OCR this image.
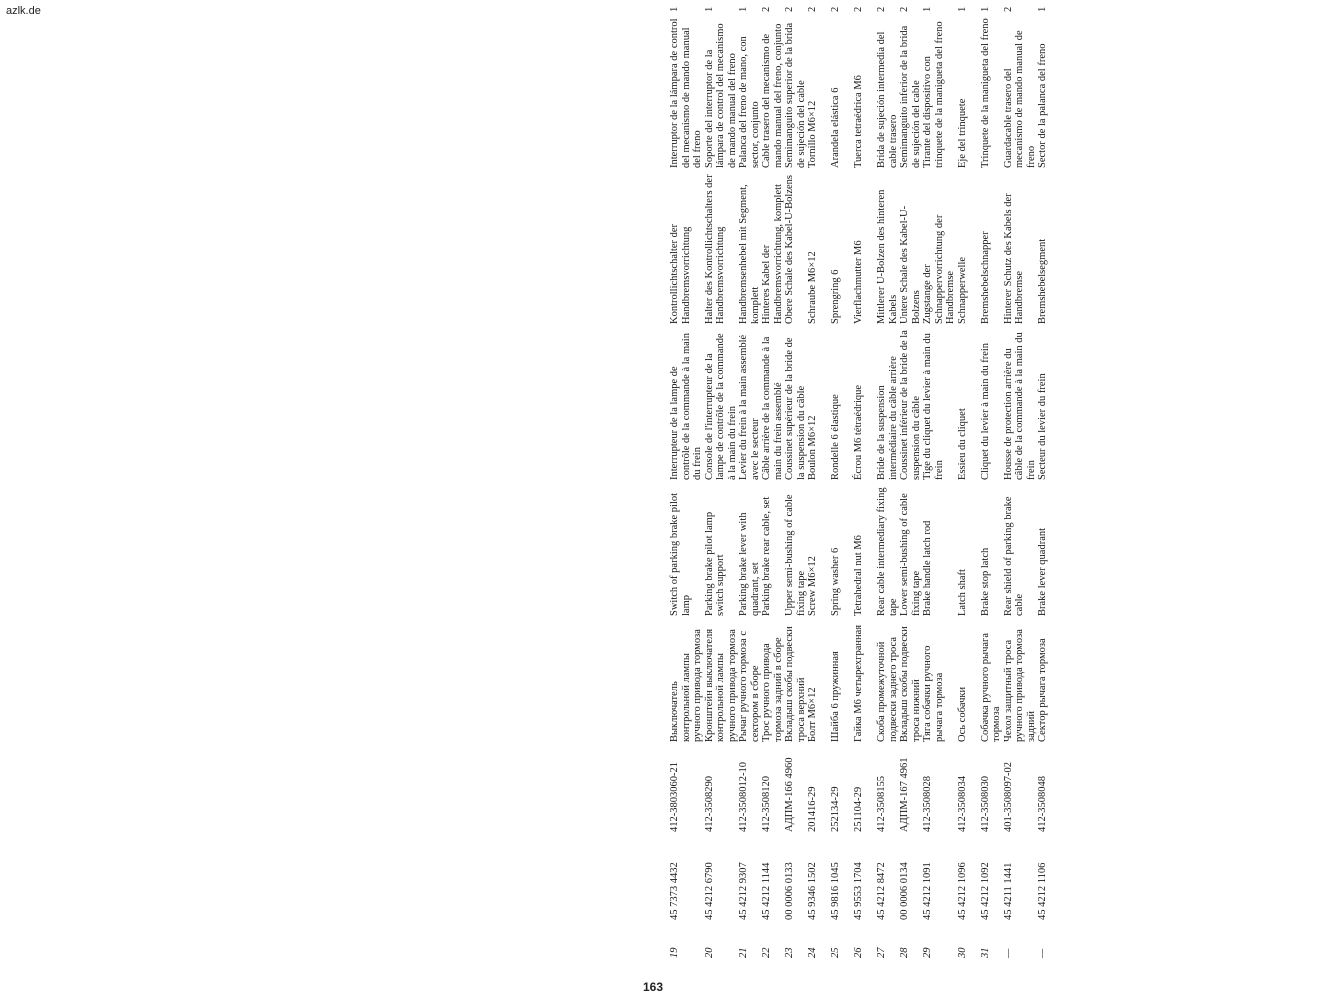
azlk.de
19	45 7373 4432	412-3803060-21	Выключатель контрольной лампы ручного привода тормоза	Switch of parking brake pilot lamp	Interrupteur de la lampe de contrôle de la commande à la main du frein	Kontrollichtschalter der Handbremsvorrichtung	Interruptor de la lámpara de control del mecanismo de mando manual del freno	1
20	45 4212 6790	412-3508290	Кронштейн выключателя контрольной лампы ручного привода тормоза	Parking brake pilot lamp switch support	Console de l'interrupteur de la lampe de contrôle de la commande à la main du frein	Halter des Kontrollichtschalters der Handbremsvorrichtung	Soporte del interruptor de la lámpara de control del mecanismo de mando manual del freno	1
21	45 4212 9307	412-3508012-10	Рычаг ручного тормоза с сектором в сборе	Parking brake lever with quadrant, set	Levier du frein à la main assemblé avec le secteur	Handbremsenhebel mit Segment, komplett	Palanca del freno de mano, con sector, conjunto	1
22	45 4212 1144	412-3508120	Трос ручного привода тормоза задний в сборе	Parking brake rear cable, set	Câble arrière de la commande à la main du frein assemblé	Hinteres Kabel der Handbremsvorrichtung, komplett	Cable trasero del mecanismo de mando manual del freno, conjunto	2
23	00 0006 0133	АДПМ-166 4960	Вкладыш скобы подвески троса верхний	Upper semi-bushing of cable fixing tape	Coussinet supérieur de la bride de la suspension du câble	Obere Schale des Kabel-U-Bolzens	Semimanguito superior de la brida de sujeción del cable	2
24	45 9346 1502	201416-29	Болт М6×12	Screw M6×12	Boulon M6×12	Schraube M6×12	Tornillo M6×12	2
25	45 9816 1045	252134-29	Шайба 6 пружинная	Spring washer 6	Rondelle 6 élastique	Sprengring 6	Arandela elástica 6	2
26	45 9553 1704	251104-29	Гайка М6 четырехгранная	Tetrahedral nut M6	Écrou M6 tétraédrique	Vierflachmutter M6	Tuerca tetraédrica M6	2
27	45 4212 8472	412-3508155	Скоба промежуточной подвески заднего троса	Rear cable intermediary fixing tape	Bride de la suspension intermédiaire du câble arrière	Mittlerer U-Bolzen des hinteren Kabels	Brida de sujeción intermedia del cable trasero	2
28	00 0006 0134	АДПМ-167 4961	Вкладыш скобы подвески троса нижний	Lower semi-bushing of cable fixing tape	Coussinet inférieur de la bride de la suspension du câble	Untere Schale des Kabel-U-Bolzens	Semimanguito inferior de la brida de sujeción del cable	2
29	45 4212 1091	412-3508028	Тяга собачки ручного рычага тормоза	Brake handle latch rod	Tige du cliquet du levier à main du frein	Zugstange der Schnappervorrichtung der Handbremse	Tirante del dispositivo con trinquete de la manigueta del freno	1
30	45 4212 1096	412-3508034	Ось собачки	Latch shaft	Essieu du cliquet	Schnapperwelle	Eje del trinquete	1
31	45 4212 1092	412-3508030	Собачка ручного рычага тормоза	Brake stop latch	Cliquet du levier à main du frein	Bremshebelschnapper	Trinquete de la manigueta del freno	1
—	45 4211 1441	401-3508097-02	Чехол защитный троса ручного привода тормоза задний	Rear shield of parking brake cable	Housse de protection arrière du câble de la commande à la main du frein	Hinterer Schutz des Kabels der Handbremse	Guardacable trasero del mecanismo de mando manual de freno	2
—	45 4212 1106	412-3508048	Сектор рычага тормоза	Brake lever quadrant	Secteur du levier du frein	Bremshebelsegment	Sector de la palanca del freno	1
163
